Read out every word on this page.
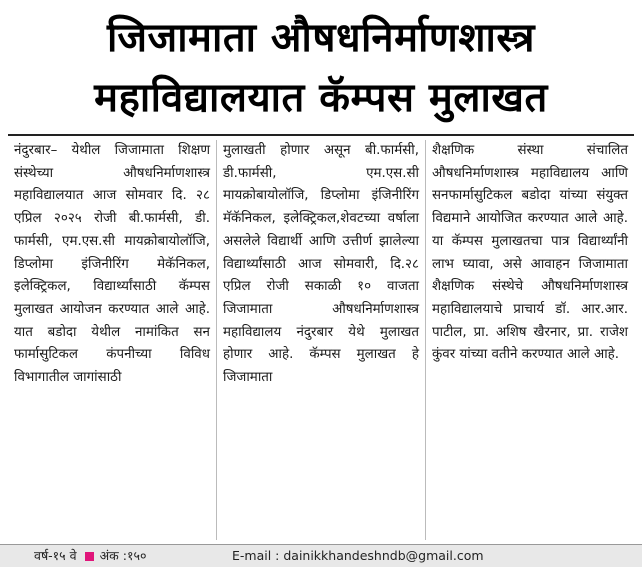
जिजामाता औषधनिर्माणशास्त्र
महाविद्यालयात कॅम्पस मुलाखत

नंदुरबार– येथील जिजामाता शिक्षण संस्थेच्या औषधनिर्माणशास्त्र महाविद्यालयात आज सोमवार दि. २८ एप्रिल २०२५ रोजी बी.फार्मसी, डी. फार्मसी, एम.एस.सी मायक्रोबायोलॉजि, डिप्लोमा इंजिनीरिंग मेकॅनिकल, इलेक्ट्रिकल, विद्यार्थ्यांसाठी कॅम्पस मुलाखत आयोजन करण्यात आले आहे. यात बडोदा येथील नामांकित सन फार्मासुटिकल कंपनीच्या विविध विभागातील जागांसाठी

मुलाखती होणार असून बी.फार्मसी, डी.फार्मसी, एम.एस.सी मायक्रोबायोलॉजि, डिप्लोमा इंजिनीरिंग मॅकॅनिकल, इलेक्ट्रिकल,शेवटच्या वर्षाला असलेले विद्यार्थी आणि उत्तीर्ण झालेल्या विद्यार्थ्यांसाठी आज सोमवारी, दि.२८ एप्रिल रोजी सकाळी १० वाजता जिजामाता औषधनिर्माणशास्त्र महाविद्यालय नंदुरबार येथे मुलाखत होणार आहे. कॅम्पस मुलाखत हे जिजामाता

शैक्षणिक संस्था संचालित औषधनिर्माणशास्त्र महाविद्यालय आणि सनफार्मासुटिकल बडोदा यांच्या संयुक्त विद्यमाने आयोजित करण्यात आले आहे. या कॅम्पस मुलाखतचा पात्र विद्यार्थ्यांनी लाभ घ्यावा, असे आवाहन जिजामाता शैक्षणिक संस्थेचे औषधनिर्माणशास्त्र महाविद्यालयाचे प्राचार्य डॉ. आर.आर. पाटील, प्रा. अशिष खैरनार, प्रा. राजेश कुंवर यांच्या वतीने करण्यात आले आहे.

वर्ष-१५ वे अंक :१५०	E-mail : dainikkhandeshndb@gmail.com
